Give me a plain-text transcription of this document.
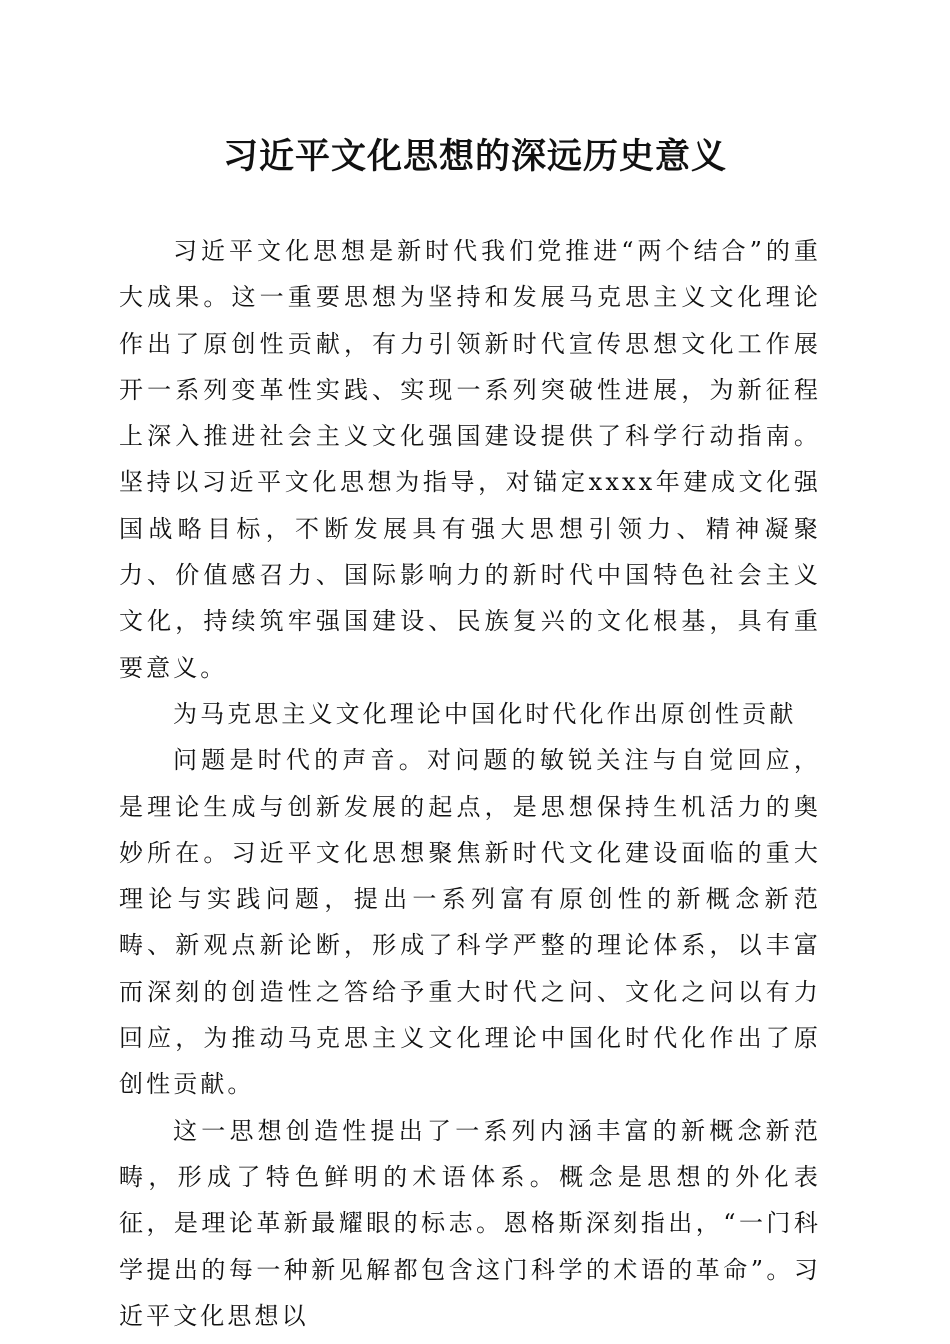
习近平文化思想的深远历史意义

习近平文化思想是新时代我们党推进“两个结合”的重大成果。这一重要思想为坚持和发展马克思主义文化理论作出了原创性贡献，有力引领新时代宣传思想文化工作展开一系列变革性实践、实现一系列突破性进展，为新征程上深入推进社会主义文化强国建设提供了科学行动指南。坚持以习近平文化思想为指导，对锚定xxxx年建成文化强国战略目标，不断发展具有强大思想引领力、精神凝聚力、价值感召力、国际影响力的新时代中国特色社会主义文化，持续筑牢强国建设、民族复兴的文化根基，具有重要意义。

为马克思主义文化理论中国化时代化作出原创性贡献

问题是时代的声音。对问题的敏锐关注与自觉回应，是理论生成与创新发展的起点，是思想保持生机活力的奥妙所在。习近平文化思想聚焦新时代文化建设面临的重大理论与实践问题，提出一系列富有原创性的新概念新范畴、新观点新论断，形成了科学严整的理论体系，以丰富而深刻的创造性之答给予重大时代之问、文化之问以有力回应，为推动马克思主义文化理论中国化时代化作出了原创性贡献。

这一思想创造性提出了一系列内涵丰富的新概念新范畴，形成了特色鲜明的术语体系。概念是思想的外化表征，是理论革新最耀眼的标志。恩格斯深刻指出，“一门科学提出的每一种新见解都包含这门科学的术语的革命”。习近平文化思想以
